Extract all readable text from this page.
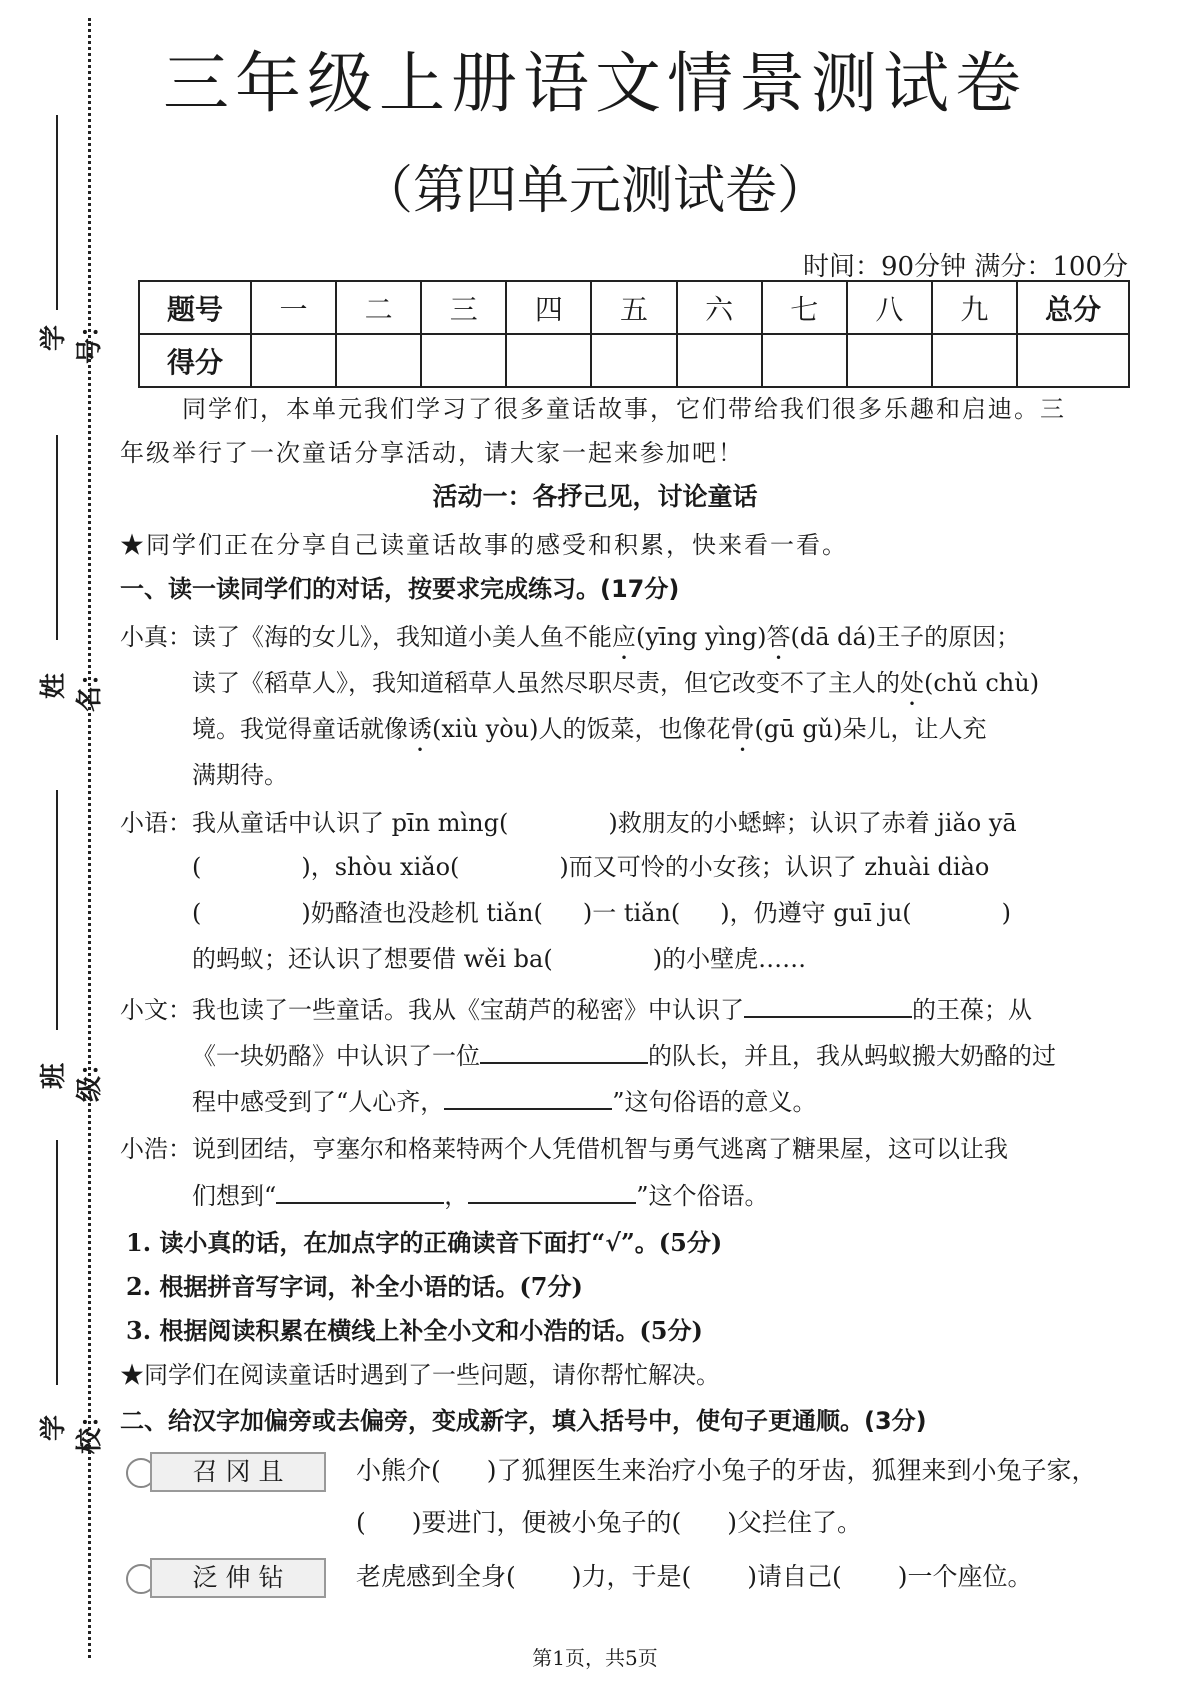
学号：
姓名：
班级：
学校：
三年级上册语文情景测试卷
（第四单元测试卷）
时间：90分钟 满分：100分
题号	一	二	三	四	五	六	七	八	九	总分
得分										
同学们，本单元我们学习了很多童话故事，它们带给我们很多乐趣和启迪。三
年级举行了一次童话分享活动，请大家一起来参加吧！
活动一：各抒己见，讨论童话
★同学们正在分享自己读童话故事的感受和积累，快来看一看。
一、读一读同学们的对话，按要求完成练习。(17分)
小真：读了《海的女儿》，我知道小美人鱼不能应(yīng yìng)答(dā dá)王子的原因；
读了《稻草人》，我知道稻草人虽然尽职尽责，但它改变不了主人的处(chǔ chù)
境。我觉得童话就像诱(xiù yòu)人的饭菜，也像花骨(gū gǔ)朵儿，让人充
满期待。
小语：我从童话中认识了 pīn mìng(	)救朋友的小蟋蟀；认识了赤着 jiǎo yā
(	)，shòu xiǎo(	)而又可怜的小女孩；认识了 zhuài diào
(	)奶酪渣也没趁机 tiǎn( )一 tiǎn( )，仍遵守 guī ju(	)
的蚂蚁；还认识了想要借 wěi ba(	)的小壁虎……
小文：我也读了一些童话。我从《宝葫芦的秘密》中认识了	的王葆；从
《一块奶酪》中认识了一位	的队长，并且，我从蚂蚁搬大奶酪的过
程中感受到了“人心齐，	”这句俗语的意义。
小浩：说到团结，亨塞尔和格莱特两个人凭借机智与勇气逃离了糖果屋，这可以让我
们想到“	，	”这个俗语。
1. 读小真的话，在加点字的正确读音下面打“√”。(5分)
2. 根据拼音写字词，补全小语的话。(7分)
3. 根据阅读积累在横线上补全小文和小浩的话。(5分)
★同学们在阅读童话时遇到了一些问题，请你帮忙解决。
二、给汉字加偏旁或去偏旁，变成新字，填入括号中，使句子更通顺。(3分)
召 冈 且	小熊介( )了狐狸医生来治疗小兔子的牙齿，狐狸来到小兔子家，
( )要进门，便被小兔子的( )父拦住了。
泛 伸 钻	老虎感到全身( )力，于是( )请自己( )一个座位。
第1页，共5页
